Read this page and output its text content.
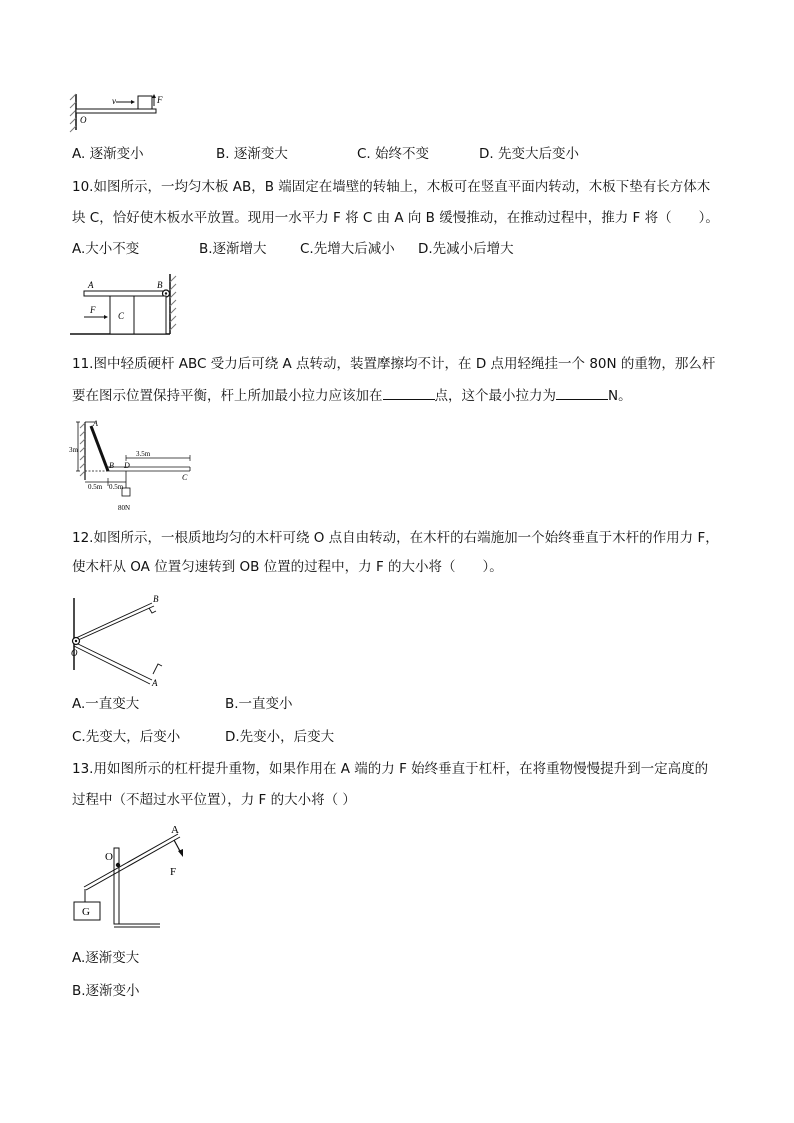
v	F
O
A. 逐渐变小	B. 逐渐变大	C. 始终不变	D. 先变大后变小
10.如图所示，一均匀木板 AB，B 端固定在墙壁的转轴上，木板可在竖直平面内转动，木板下垫有长方体木
块 C，恰好使木板水平放置。现用一水平力 F 将 C 由 A 向 B 缓慢推动，在推动过程中，推力 F 将（　　）。
A.大小不变	B.逐渐增大 C.先增大后减小 D.先减小后增大
A	B
F
C
11.图中轻质硬杆 ABC 受力后可绕 A 点转动，装置摩擦均不计，在 D 点用轻绳挂一个 80N 的重物，那么杆
要在图示位置保持平衡，杆上所加最小拉力应该加在	点，这个最小拉力为	N。
A
3m	3.5m
B D
C
0.5m 0.5m
80N
12.如图所示，一根质地均匀的木杆可绕 O 点自由转动，在木杆的右端施加一个始终垂直于木杆的作用力 F，
使木杆从 OA 位置匀速转到 OB 位置的过程中，力 F 的大小将（　　）。
B
O
A
A.一直变大	B.一直变小
C.先变大，后变小	D.先变小，后变大
13.用如图所示的杠杆提升重物，如果作用在 A 端的力 F 始终垂直于杠杆，在将重物慢慢提升到一定高度的
过程中（不超过水平位置），力 F 的大小将（ ）
A
O
F
G
A.逐渐变大
B.逐渐变小
